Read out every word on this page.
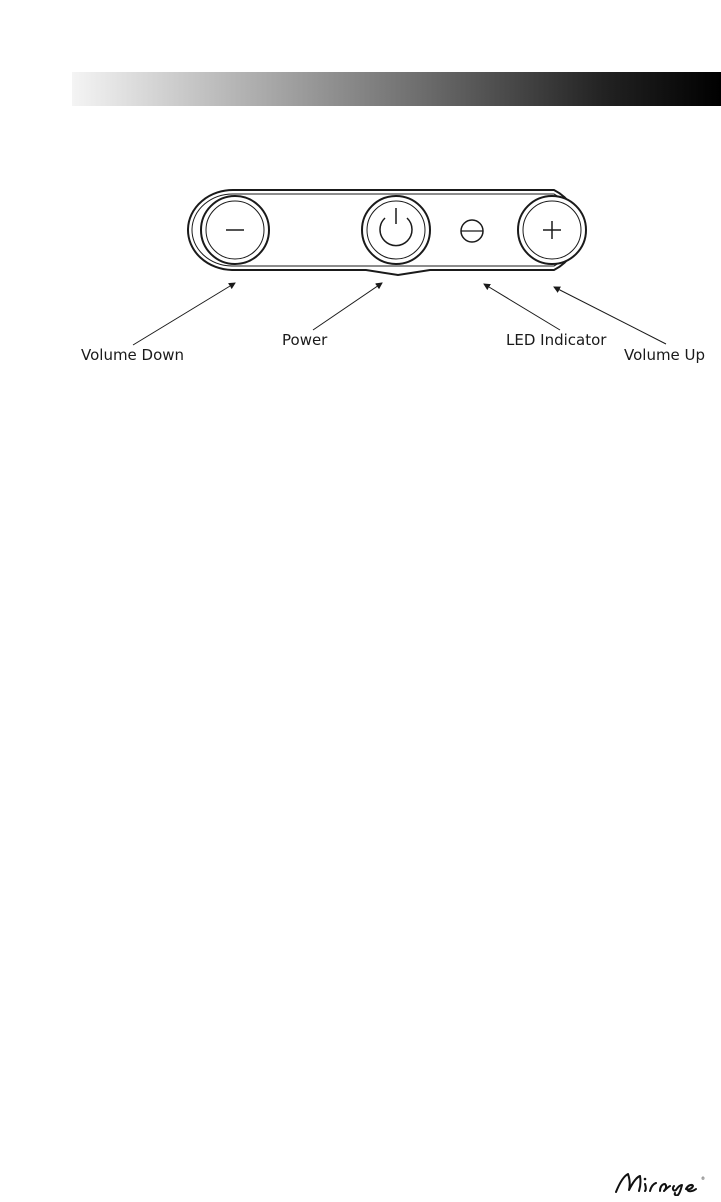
Volume Down
Power	LED Indicator
Volume Up
®
